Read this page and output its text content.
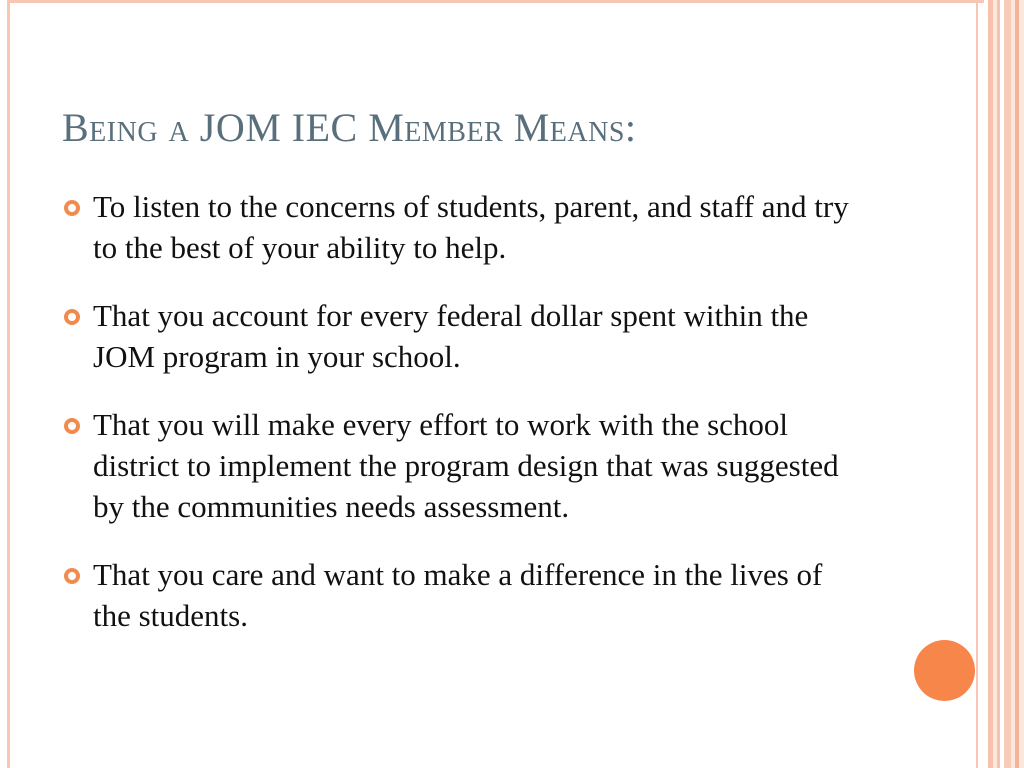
Being a JOM IEC Member Means:
To listen to the concerns of students, parent, and staff and try to the best of your ability to help.
That you account for every federal dollar spent within the JOM program in your school.
That you will make every effort to work with the school district to implement the program design that was suggested by the communities needs assessment.
That you care and want to make a difference in the lives of the students.
